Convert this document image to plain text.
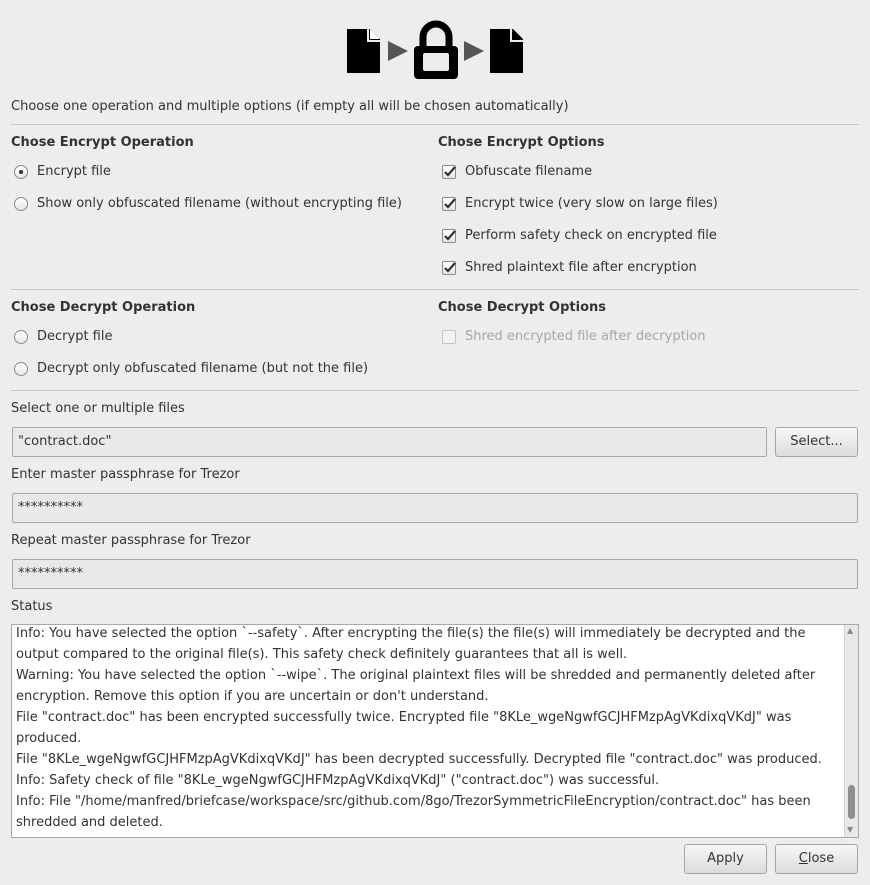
Choose one operation and multiple options (if empty all will be chosen automatically)
Chose Encrypt Operation
Encrypt file
Show only obfuscated filename (without encrypting file)
Chose Encrypt Options
Obfuscate filename
Encrypt twice (very slow on large files)
Perform safety check on encrypted file
Shred plaintext file after encryption
Chose Decrypt Operation
Decrypt file
Decrypt only obfuscated filename (but not the file)
Chose Decrypt Options
Shred encrypted file after decryption
Select one or multiple files
"contract.doc"	Select...
Enter master passphrase for Trezor
**********
Repeat master passphrase for Trezor
**********
Status
Info: You have selected the option `--safety`. After encrypting the file(s) the file(s) will immediately be decrypted and the
output compared to the original file(s). This safety check definitely guarantees that all is well.
Warning: You have selected the option `--wipe`. The original plaintext files will be shredded and permanently deleted after
encryption. Remove this option if you are uncertain or don't understand.
File "contract.doc" has been encrypted successfully twice. Encrypted file "8KLe_wgeNgwfGCJHFMzpAgVKdixqVKdJ" was
produced.
File "8KLe_wgeNgwfGCJHFMzpAgVKdixqVKdJ" has been decrypted successfully. Decrypted file "contract.doc" was produced.
Info: Safety check of file "8KLe_wgeNgwfGCJHFMzpAgVKdixqVKdJ" ("contract.doc") was successful.
Info: File "/home/manfred/briefcase/workspace/src/github.com/8go/TrezorSymmetricFileEncryption/contract.doc" has been
shredded and deleted.
▲
▼
Apply	Close
